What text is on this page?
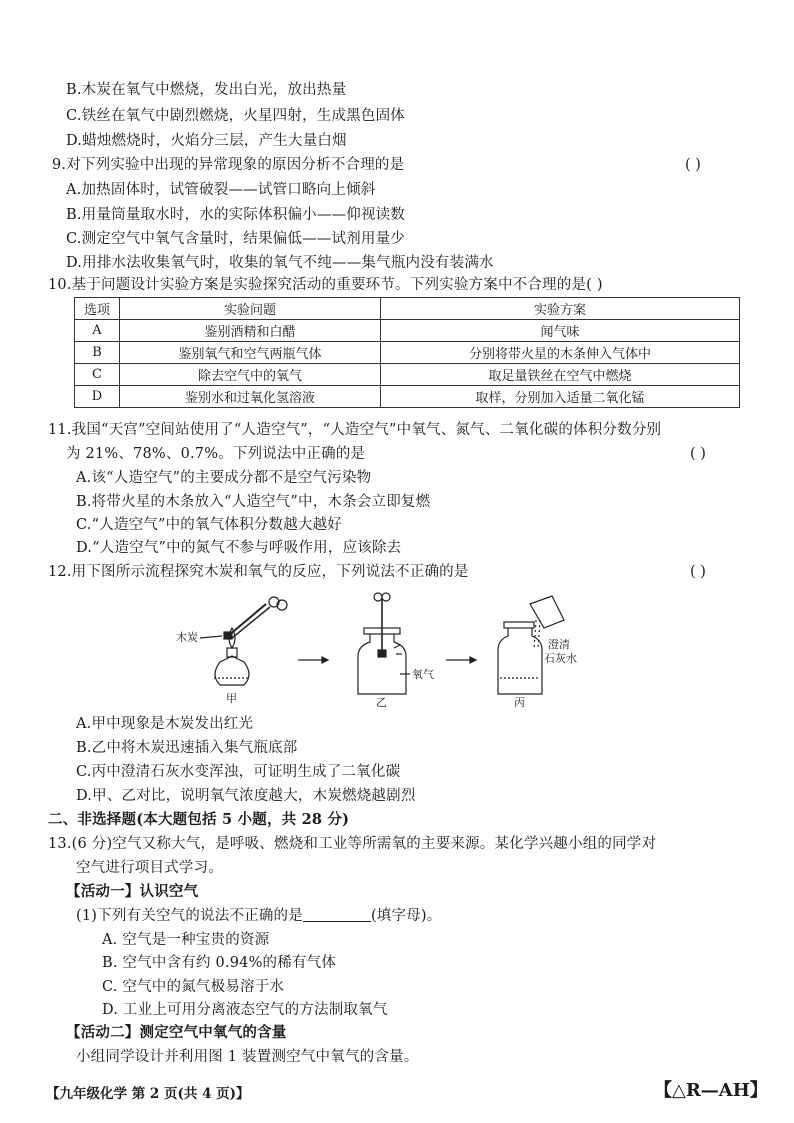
B.木炭在氧气中燃烧，发出白光，放出热量
C.铁丝在氧气中剧烈燃烧，火星四射，生成黑色固体
D.蜡烛燃烧时，火焰分三层，产生大量白烟
9.对下列实验中出现的异常现象的原因分析不合理的是	( )
A.加热固体时，试管破裂——试管口略向上倾斜
B.用量筒量取水时，水的实际体积偏小——仰视读数
C.测定空气中氧气含量时，结果偏低——试剂用量少
D.用排水法收集氧气时，收集的氧气不纯——集气瓶内没有装满水
10.基于问题设计实验方案是实验探究活动的重要环节。下列实验方案中不合理的是( )
选项	实验问题	实验方案
A	鉴别酒精和白醋	闻气味
B	鉴别氧气和空气两瓶气体	分别将带火星的木条伸入气体中
C	除去空气中的氧气	取足量铁丝在空气中燃烧
D	鉴别水和过氧化氢溶液	取样，分别加入适量二氧化锰
11.我国“天宫”空间站使用了“人造空气”，“人造空气”中氧气、氮气、二氧化碳的体积分数分别
为 21%、78%、0.7%。下列说法中正确的是	( )
A.该“人造空气”的主要成分都不是空气污染物
B.将带火星的木条放入“人造空气”中，木条会立即复燃
C.“人造空气”中的氧气体积分数越大越好
D.“人造空气”中的氮气不参与呼吸作用，应该除去
12.用下图所示流程探究木炭和氧气的反应，下列说法不正确的是	( )
木炭
甲
氧气
乙
澄清
石灰水
丙
A.甲中现象是木炭发出红光
B.乙中将木炭迅速插入集气瓶底部
C.丙中澄清石灰水变浑浊，可证明生成了二氧化碳
D.甲、乙对比，说明氧气浓度越大，木炭燃烧越剧烈
二、非选择题(本大题包括 5 小题，共 28 分)
13.(6 分)空气又称大气，是呼吸、燃烧和工业等所需氧的主要来源。某化学兴趣小组的同学对
空气进行项目式学习。
【活动一】认识空气
(1)下列有关空气的说法不正确的是	(填字母)。
A. 空气是一种宝贵的资源
B. 空气中含有约 0.94%的稀有气体
C. 空气中的氮气极易溶于水
D. 工业上可用分离液态空气的方法制取氧气
【活动二】测定空气中氧气的含量
小组同学设计并利用图 1 装置测空气中氧气的含量。
【九年级化学 第 2 页(共 4 页)】	【△R—AH】
